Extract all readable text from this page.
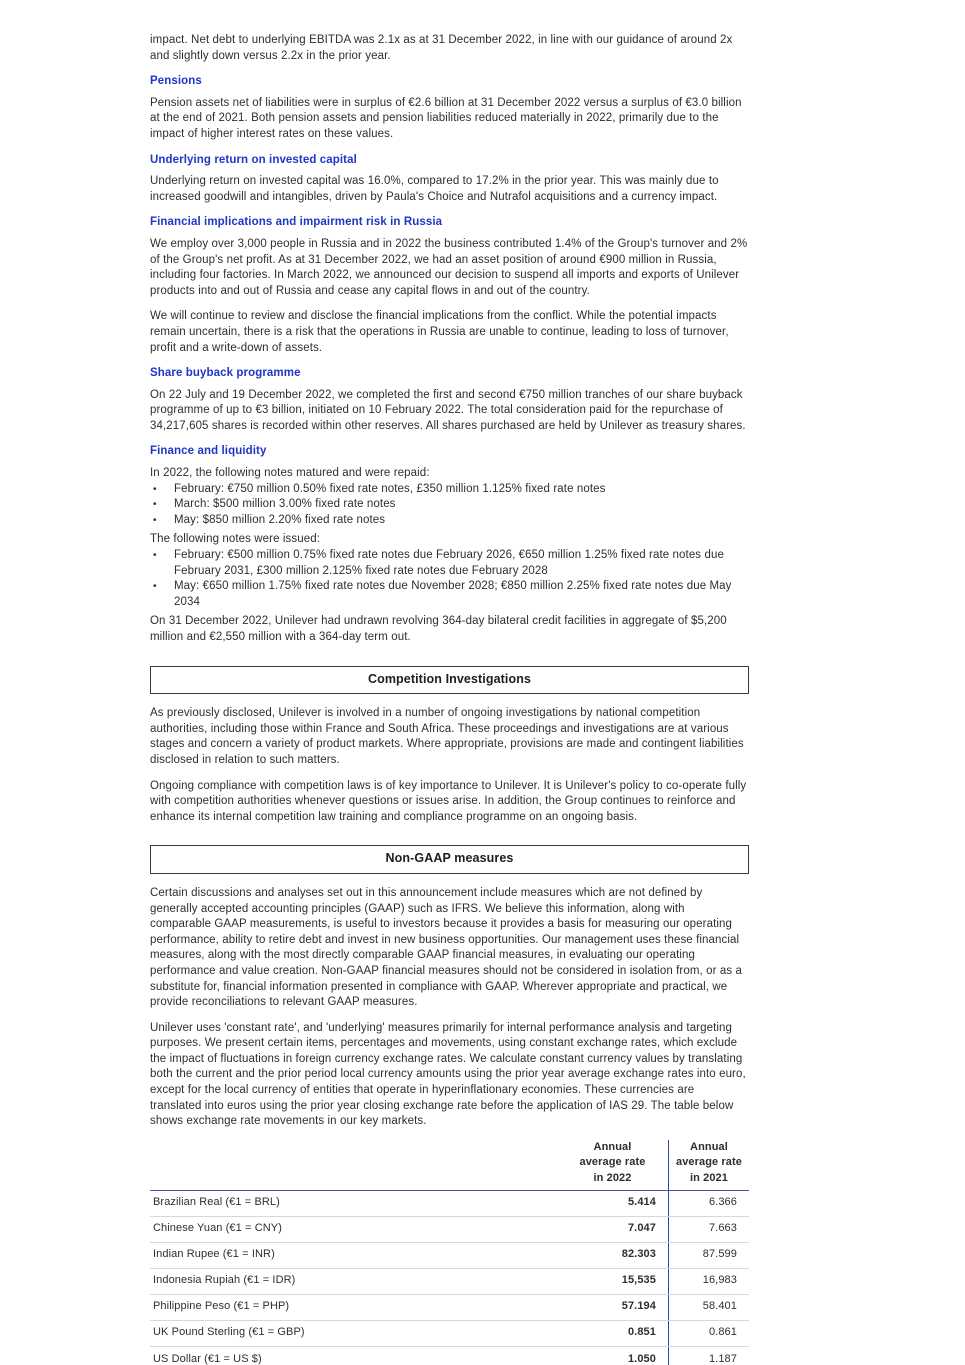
impact. Net debt to underlying EBITDA was 2.1x as at 31 December 2022, in line with our guidance of around 2x and slightly down versus 2.2x in the prior year.

Pensions

Pension assets net of liabilities were in surplus of €2.6 billion at 31 December 2022 versus a surplus of €3.0 billion at the end of 2021. Both pension assets and pension liabilities reduced materially in 2022, primarily due to the impact of higher interest rates on these values.

Underlying return on invested capital

Underlying return on invested capital was 16.0%, compared to 17.2% in the prior year. This was mainly due to increased goodwill and intangibles, driven by Paula's Choice and Nutrafol acquisitions and a currency impact.

Financial implications and impairment risk in Russia

We employ over 3,000 people in Russia and in 2022 the business contributed 1.4% of the Group's turnover and 2% of the Group's net profit. As at 31 December 2022, we had an asset position of around €900 million in Russia, including four factories. In March 2022, we announced our decision to suspend all imports and exports of Unilever products into and out of Russia and cease any capital flows in and out of the country.

We will continue to review and disclose the financial implications from the conflict. While the potential impacts remain uncertain, there is a risk that the operations in Russia are unable to continue, leading to loss of turnover, profit and a write-down of assets.

Share buyback programme

On 22 July and 19 December 2022, we completed the first and second €750 million tranches of our share buyback programme of up to €3 billion, initiated on 10 February 2022. The total consideration paid for the repurchase of 34,217,605 shares is recorded within other reserves. All shares purchased are held by Unilever as treasury shares.

Finance and liquidity

In 2022, the following notes matured and were repaid:

•	February: €750 million 0.50% fixed rate notes, £350 million 1.125% fixed rate notes
•	March: $500 million 3.00% fixed rate notes
•	May: $850 million 2.20% fixed rate notes

The following notes were issued:

•	February: €500 million 0.75% fixed rate notes due February 2026, €650 million 1.25% fixed rate notes due February 2031, £300 million 2.125% fixed rate notes due February 2028
•	May: €650 million 1.75% fixed rate notes due November 2028; €850 million 2.25% fixed rate notes due May 2034

On 31 December 2022, Unilever had undrawn revolving 364-day bilateral credit facilities in aggregate of $5,200 million and €2,550 million with a 364-day term out.

Competition Investigations

As previously disclosed, Unilever is involved in a number of ongoing investigations by national competition authorities, including those within France and South Africa. These proceedings and investigations are at various stages and concern a variety of product markets. Where appropriate, provisions are made and contingent liabilities disclosed in relation to such matters.

Ongoing compliance with competition laws is of key importance to Unilever. It is Unilever's policy to co-operate fully with competition authorities whenever questions or issues arise. In addition, the Group continues to reinforce and enhance its internal competition law training and compliance programme on an ongoing basis.

Non-GAAP measures

Certain discussions and analyses set out in this announcement include measures which are not defined by generally accepted accounting principles (GAAP) such as IFRS. We believe this information, along with comparable GAAP measurements, is useful to investors because it provides a basis for measuring our operating performance, ability to retire debt and invest in new business opportunities. Our management uses these financial measures, along with the most directly comparable GAAP financial measures, in evaluating our operating performance and value creation. Non-GAAP financial measures should not be considered in isolation from, or as a substitute for, financial information presented in compliance with GAAP. Wherever appropriate and practical, we provide reconciliations to relevant GAAP measures.

Unilever uses 'constant rate', and 'underlying' measures primarily for internal performance analysis and targeting purposes. We present certain items, percentages and movements, using constant exchange rates, which exclude the impact of fluctuations in foreign currency exchange rates. We calculate constant currency values by translating both the current and the prior period local currency amounts using the prior year average exchange rates into euro, except for the local currency of entities that operate in hyperinflationary economies. These currencies are translated into euros using the prior year closing exchange rate before the application of IAS 29. The table below shows exchange rate movements in our key markets.

Annual
average rate
in 2022
Annual
average rate
in 2021
Brazilian Real (€1 = BRL)	5.414	6.366
Chinese Yuan (€1 = CNY)	7.047	7.663
Indian Rupee (€1 = INR)	82.303	87.599
Indonesia Rupiah (€1 = IDR)	15,535	16,983
Philippine Peso (€1 = PHP)	57.194	58.401
UK Pound Sterling (€1 = GBP)	0.851	0.861
US Dollar (€1 = US $)	1.050	1.187
